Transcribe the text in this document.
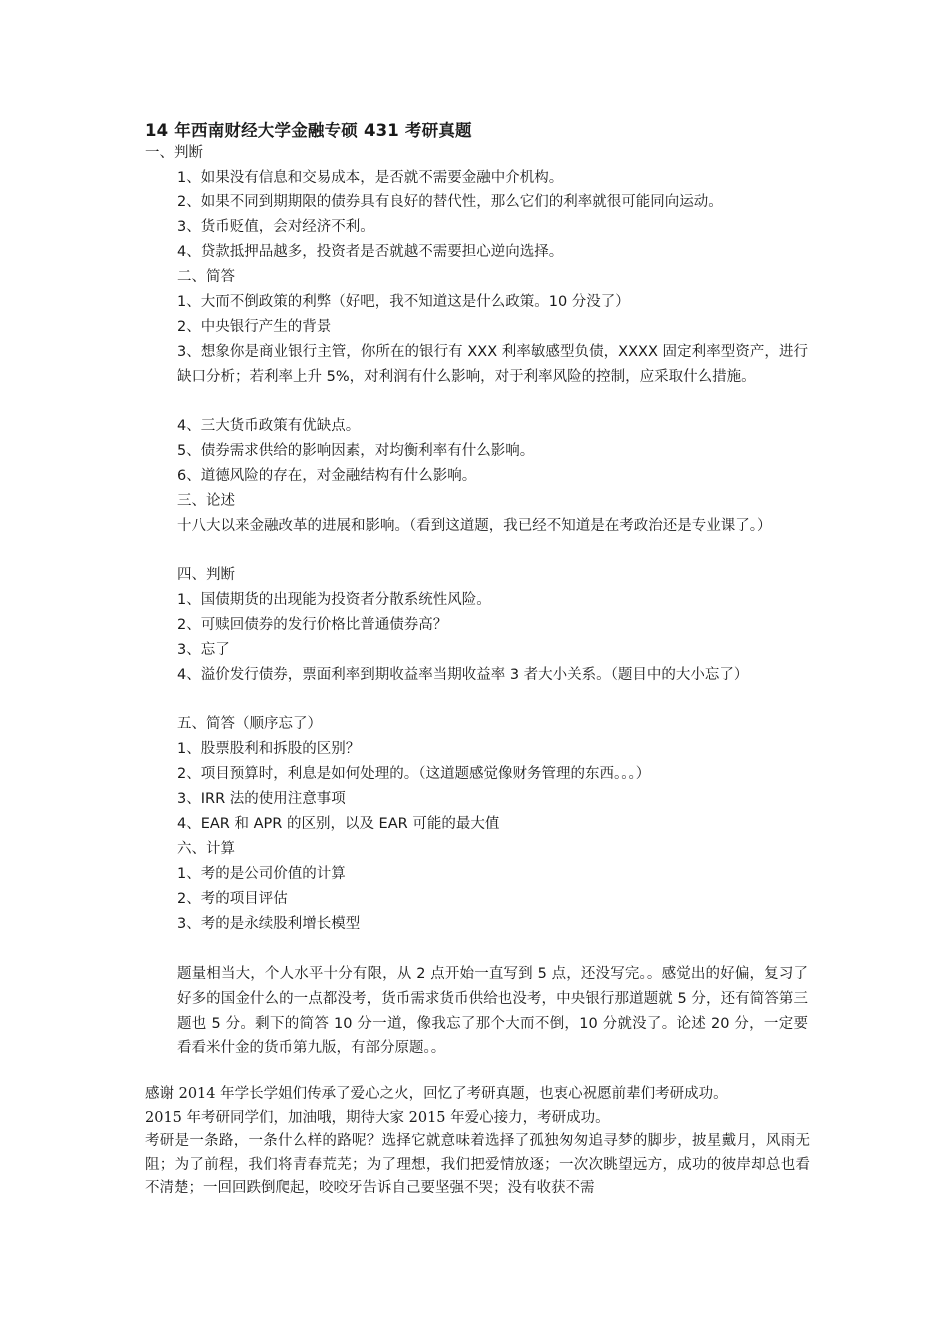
14 年西南财经大学金融专硕 431 考研真题

一、判断

1、如果没有信息和交易成本，是否就不需要金融中介机构。

2、如果不同到期期限的债券具有良好的替代性，那么它们的利率就很可能同向运动。

3、货币贬值，会对经济不利。

4、贷款抵押品越多，投资者是否就越不需要担心逆向选择。

二、简答

1、大而不倒政策的利弊（好吧，我不知道这是什么政策。10 分没了）

2、中央银行产生的背景

3、想象你是商业银行主管，你所在的银行有 XXX 利率敏感型负债，XXXX 固定利率型资产，进行缺口分析；若利率上升 5%，对利润有什么影响，对于利率风险的控制，应采取什么措施。

4、三大货币政策有优缺点。

5、债券需求供给的影响因素，对均衡利率有什么影响。

6、道德风险的存在，对金融结构有什么影响。

三、论述

十八大以来金融改革的进展和影响。（看到这道题，我已经不知道是在考政治还是专业课了。）

四、判断

1、国债期货的出现能为投资者分散系统性风险。

2、可赎回债券的发行价格比普通债券高？

3、忘了

4、溢价发行债券，票面利率到期收益率当期收益率 3 者大小关系。（题目中的大小忘了）

五、简答（顺序忘了）

1、股票股利和拆股的区别？

2、项目预算时，利息是如何处理的。（这道题感觉像财务管理的东西。。。）

3、IRR 法的使用注意事项

4、EAR 和 APR 的区别，以及 EAR 可能的最大值

六、计算

1、考的是公司价值的计算

2、考的项目评估

3、考的是永续股利增长模型

题量相当大，个人水平十分有限，从 2 点开始一直写到 5 点，还没写完。。感觉出的好偏，复习了好多的国金什么的一点都没考，货币需求货币供给也没考，中央银行那道题就 5 分，还有简答第三题也 5 分。剩下的简答 10 分一道，像我忘了那个大而不倒，10 分就没了。论述 20 分，一定要看看米什金的货币第九版，有部分原题。。

感谢 2014 年学长学姐们传承了爱心之火，回忆了考研真题，也衷心祝愿前辈们考研成功。
2015 年考研同学们，加油哦，期待大家 2015 年爱心接力，考研成功。
考研是一条路，一条什么样的路呢？选择它就意味着选择了孤独匆匆追寻梦的脚步，披星戴月，风雨无阻；为了前程，我们将青春荒芜；为了理想，我们把爱情放逐；一次次眺望远方，成功的彼岸却总也看不清楚；一回回跌倒爬起，咬咬牙告诉自己要坚强不哭；没有收获不需
